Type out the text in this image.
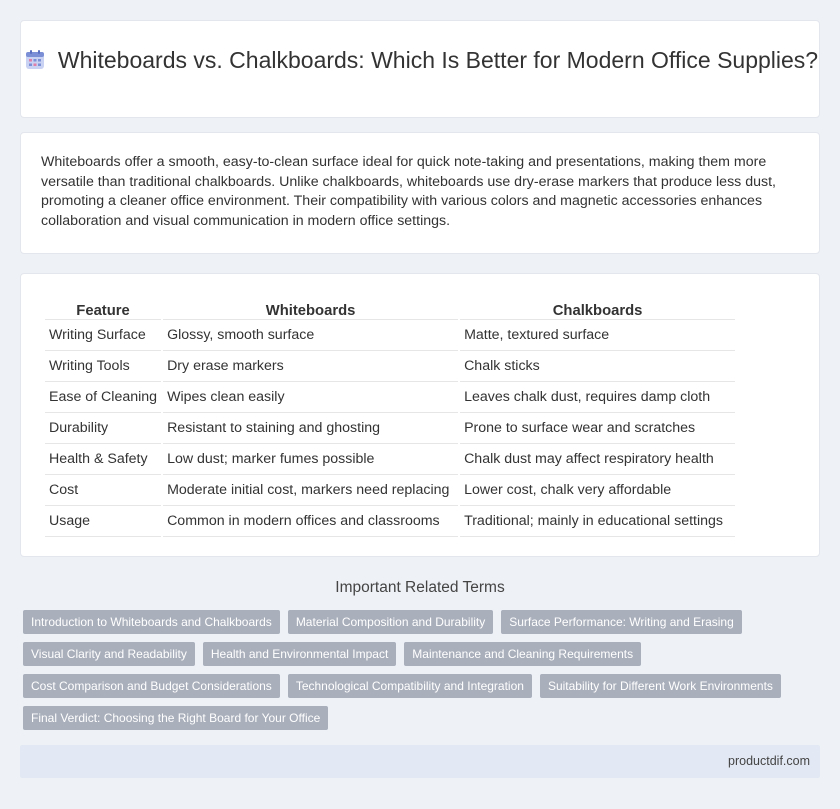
Whiteboards vs. Chalkboards: Which Is Better for Modern Office Supplies?

Whiteboards offer a smooth, easy-to-clean surface ideal for quick note-taking and presentations, making them more versatile than traditional chalkboards. Unlike chalkboards, whiteboards use dry-erase markers that produce less dust, promoting a cleaner office environment. Their compatibility with various colors and magnetic accessories enhances collaboration and visual communication in modern office settings.

Feature	Whiteboards	Chalkboards
Writing Surface	Glossy, smooth surface	Matte, textured surface
Writing Tools	Dry erase markers	Chalk sticks
Ease of Cleaning	Wipes clean easily	Leaves chalk dust, requires damp cloth
Durability	Resistant to staining and ghosting	Prone to surface wear and scratches
Health & Safety	Low dust; marker fumes possible	Chalk dust may affect respiratory health
Cost	Moderate initial cost, markers need replacing	Lower cost, chalk very affordable
Usage	Common in modern offices and classrooms	Traditional; mainly in educational settings
Important Related Terms
Introduction to Whiteboards and Chalkboards	Material Composition and Durability	Surface Performance: Writing and Erasing
Visual Clarity and Readability	Health and Environmental Impact	Maintenance and Cleaning Requirements
Cost Comparison and Budget Considerations	Technological Compatibility and Integration	Suitability for Different Work Environments
Final Verdict: Choosing the Right Board for Your Office
productdif.com
